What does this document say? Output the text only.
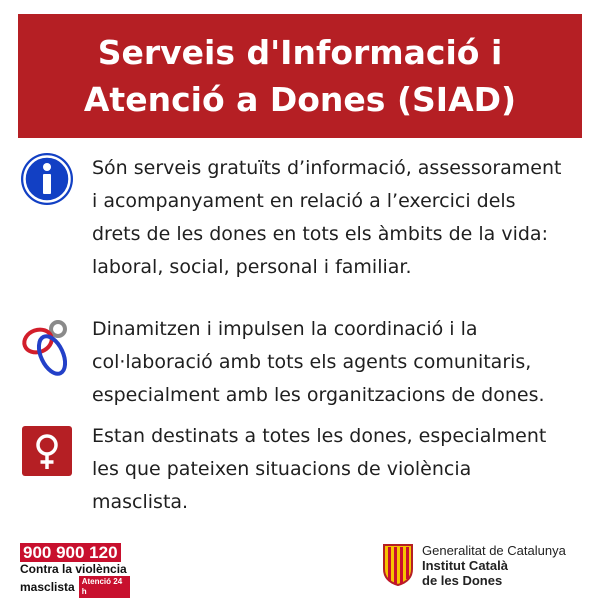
Serveis d'Informació i
Atenció a Dones (SIAD)
Són serveis gratuïts d’informació, assessorament
i acompanyament en relació a l’exercici dels
drets de les dones en tots els àmbits de la vida:
laboral, social, personal i familiar.
Dinamitzen i impulsen la coordinació i la
col·laboració amb tots els agents comunitaris,
especialment amb les organitzacions de dones.
Estan destinats a totes les dones, especialment
les que pateixen situacions de violència
masclista.
900 900 120
Contra la violència
masclista Atenció 24 h
Generalitat de Catalunya
Institut Català
de les Dones
